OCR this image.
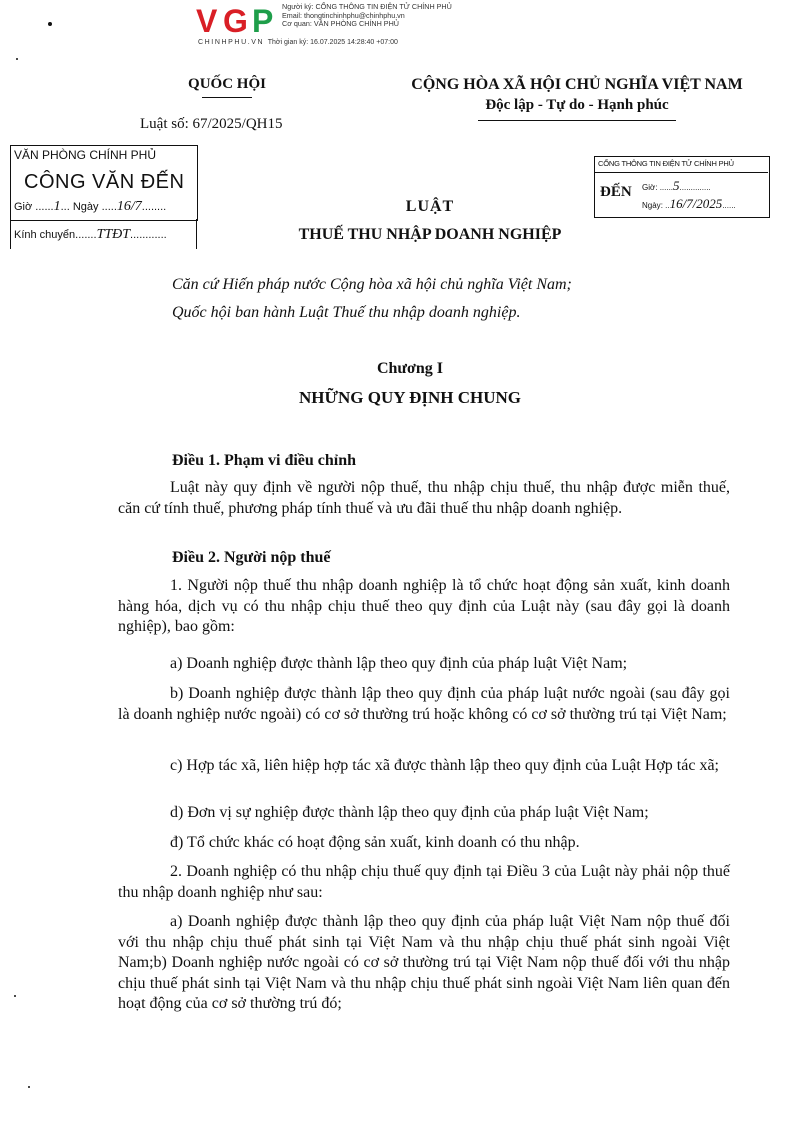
V G P Người ký: CỔNG THÔNG TIN ĐIỆN TỬ CHÍNH PHỦ
Email: thongtinchinhphu@chinhphu.vn
Cơ quan: VĂN PHÒNG CHÍNH PHỦ
CHINHPHU.VN Thời gian ký: 16.07.2025 14:28:40 +07:00
QUỐC HỘI
Luật số: 67/2025/QH15
CỘNG HÒA XÃ HỘI CHỦ NGHĨA VIỆT NAM
Độc lập - Tự do - Hạnh phúc
VĂN PHÒNG CHÍNH PHỦ
CÔNG VĂN ĐẾN
Giờ ......1... Ngày .....16/7........
Kính chuyển.......TTĐT............
CỔNG THÔNG TIN ĐIỆN TỬ CHÍNH PHỦ
ĐẾN Giờ: ......5..............
Ngày: ..16/7/2025......
LUẬT
THUẾ THU NHẬP DOANH NGHIỆP
Căn cứ Hiến pháp nước Cộng hòa xã hội chủ nghĩa Việt Nam;
Quốc hội ban hành Luật Thuế thu nhập doanh nghiệp.
Chương I
NHỮNG QUY ĐỊNH CHUNG
Điều 1. Phạm vi điều chỉnh
Luật này quy định về người nộp thuế, thu nhập chịu thuế, thu nhập được miễn thuế, căn cứ tính thuế, phương pháp tính thuế và ưu đãi thuế thu nhập doanh nghiệp.
Điều 2. Người nộp thuế
1. Người nộp thuế thu nhập doanh nghiệp là tổ chức hoạt động sản xuất, kinh doanh hàng hóa, dịch vụ có thu nhập chịu thuế theo quy định của Luật này (sau đây gọi là doanh nghiệp), bao gồm:
a) Doanh nghiệp được thành lập theo quy định của pháp luật Việt Nam;
b) Doanh nghiệp được thành lập theo quy định của pháp luật nước ngoài (sau đây gọi là doanh nghiệp nước ngoài) có cơ sở thường trú hoặc không có cơ sở thường trú tại Việt Nam;
c) Hợp tác xã, liên hiệp hợp tác xã được thành lập theo quy định của Luật Hợp tác xã;
d) Đơn vị sự nghiệp được thành lập theo quy định của pháp luật Việt Nam;
đ) Tổ chức khác có hoạt động sản xuất, kinh doanh có thu nhập.
2. Doanh nghiệp có thu nhập chịu thuế quy định tại Điều 3 của Luật này phải nộp thuế thu nhập doanh nghiệp như sau:
a) Doanh nghiệp được thành lập theo quy định của pháp luật Việt Nam nộp thuế đối với thu nhập chịu thuế phát sinh tại Việt Nam và thu nhập chịu thuế phát sinh ngoài Việt Nam;b) Doanh nghiệp nước ngoài có cơ sở thường trú tại Việt Nam nộp thuế đối với thu nhập chịu thuế phát sinh tại Việt Nam và thu nhập chịu thuế phát sinh ngoài Việt Nam liên quan đến hoạt động của cơ sở thường trú đó;
